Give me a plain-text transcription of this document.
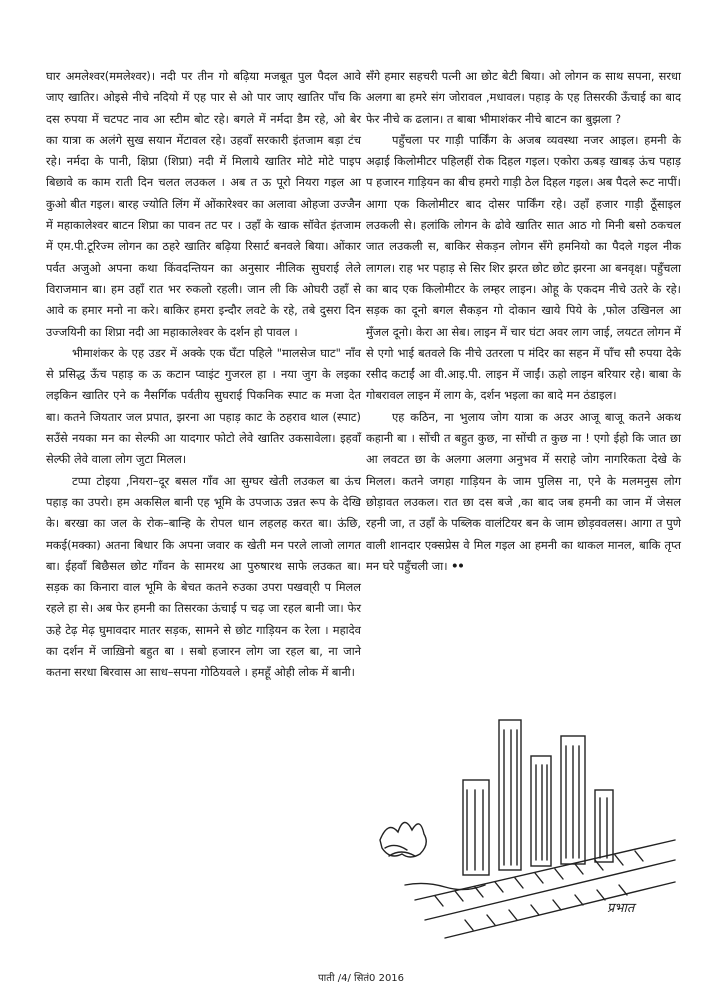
घार अमलेश्वर(ममलेश्वर)। नदी पर तीन गो बढ़िया मजबूत पुल पैदल आवे जाए खातिर। ओइसे नीचे नदियो में एह पार से ओ पार जाए खातिर पाँच कि दस रुपया में चटपट नाव आ स्टीम बोट रहे। बगले में नर्मदा डैम रहे, ओ बेर का यात्रा क अलंगे सुख सयान मेंटावल रहे। उहवाँ सरकारी इंतजाम बड़ा टंच रहे। नर्मदा के पानी, क्षिप्रा (शिप्रा) नदी में मिलाये खातिर मोटे मोटे पाइप बिछावे क काम राती दिन चलत लउकल । अब त ऊ पूरो नियरा गइल आ कुओ बीत गइल। बारह ज्योति लिंग में ओंकारेश्वर का अलावा ओहजा उज्जैन में महाकालेश्वर बाटन शिप्रा का पावन तट पर । उहाँ के खाक सॉवेत इंतजाम में एम.पी.टूरिज्म लोगन का ठहरे खातिर बढ़िया रिसार्ट बनवले बिया। ओंकार पर्वत अजुओ अपना कथा किंवदन्तियन का अनुसार नीलिक सुघराई लेले विराजमान बा। हम उहाँ रात भर रुकलो रहली। जान ली कि ओघरी उहाँ से आवे क हमार मनो ना करे। बाकिर हमरा इन्दौर लवटे के रहे, तबे दुसरा दिन उज्जयिनी का शिप्रा नदी आ महाकालेश्वर के दर्शन हो पावल ।

भीमाशंकर के एह उडर में अक्के एक घँटा पहिले "मालसेज घाट" नाँव से प्रसिद्ध ऊँच पहाड़ क ऊ कटान प्वाइंट गुजरल हा । नया जुग के लइका लइकिन खातिर एने क नैसर्गिक पर्वतीय सुघराई पिकनिक स्पाट क मजा देत बा। कतने जियतार जल प्रपात, झरना आ पहाड़ काट के ठहराव थाल (स्पाट) सउँसे नयका मन का सेल्फी आ यादगार फोटो लेवे खातिर उकसावेला। इहवाँ सेल्फी लेवे वाला लोग जुटा मिलल।

टप्पा टोइया ,नियरा–दूर बसल गाँव आ सुग्घर खेती लउकल बा ऊंच पहाड़ का उपरो। हम अकसिल बानी एह भूमि के उपजाऊ उन्नत रूप के देखि के। बरखा का जल के रोक–बान्हि के रोपल धान लहलह करत बा। ऊंछि, मकई(मक्का) अतना बिधार कि अपना जवार क खेती मन परले लाजो लागत बा। ईहवाँ बिछैसल छोट गाँवन के सामरथ आ पुरुषारथ साफे लउकत बा। सड़क का किनारा वाल भूमि के बेचत कतने रुउका उपरा पखवा्री प मिलल रहले हा से। अब फेर हमनी का तिसरका ऊंचाई प चढ़ जा रहल बानी जा। फेर ऊहे टेढ़ मेढ़ घुमावदार मातर सड़क, सामने से छोट गाड़ियन क रेला । महादेव का दर्शन में जाख़िनो बहुत बा । सबो हजारन लोग जा रहल बा, ना जाने कतना सरधा बिरवास आ साध–सपना गोठियवले । हमहूँ ओही लोक में बानी।

सँगे हमार सहचरी पत्नी आ छोट बेटी बिया। ओ लोगन क साथ सपना, सरधा अलगा बा हमरे संग जोरावल ,मधावल। पहाड़ के एह तिसरकी ऊँचाई का बाद फेर नीचे क ढलान। त बाबा भीमाशंकर नीचे बाटन का बुझला ?

पहुँचला पर गाड़ी पार्किंग के अजब व्यवस्था नजर आइल। हमनी के अढ़ाई किलोमीटर पहिलहीं रोक दिहल गइल। एकोरा ऊबड़ खाबड़ ऊंच पहाड़ प हजारन गाड़ियन का बीच हमरो गाड़ी ठेल दिहल गइल। अब पैदले रूट नापीं। आगा एक किलोमीटर बाद दोसर पार्किंग रहे। उहाँ हजार गाड़ी ठूँसाइल लउकली से। हलांकि लोगन के ढोवे खातिर सात आठ गो मिनी बसो ठकचल जात लउकली स, बाकिर सेकड़न लोगन सँगे हमनियो का पैदले गइल नीक लागल। राह भर पहाड़ से सिर शिर झरत छोट छोट झरना आ बनवृक्ष। पहुँचला का बाद एक किलोमीटर के लम्हर लाइन। ओहू के एकदम नीचे उतरे के रहे। सड़क का दूनो बगल सैकड़न गो दोकान खाये पिये के ,फोल उखिनल आ मुँजल दूनो। केरा आ सेब। लाइन में चार घंटा अवर लाग जाई, लयटत लोगन में से एगो भाई बतवले कि नीचे उतरला प मंदिर का सहन में पाँच सौ रुपया देके रसीद कटाईं आ वी.आइ.पी. लाइन में जाईं। ऊहो लाइन बरियार रहे। बाबा के गोबरावल लाइन में लाग के, दर्शन भइला का बादे मन ठंडाइल।

एह कठिन, ना भुलाय जोग यात्रा क अउर आजू बाजू कतने अकथ कहानी बा । सोंची त बहुत कुछ, ना सोंची त कुछ ना ! एगो ईहो कि जात छा आ लवटत छा के अलगा अलगा अनुभव में सराहे जोग नागरिकता देखे के मिलल। कतने जगहा गाड़ियन के जाम पुलिस ना, एने के मलमनुस लोग छोड़ावत लउकल। रात छा दस बजे ,का बाद जब हमनी का जान में जेसल रहनी जा, त उहाँ के पब्लिक वालंटियर बन के जाम छोड़ववलस। आगा त पुणे वाली शानदार एक्सप्रेस वे मिल गइल आ हमनी का थाकल मानल, बाकि तृप्त मन घरे पहुँचली जा। ••

प्रभात
पाती /4/ सितं0 2016
